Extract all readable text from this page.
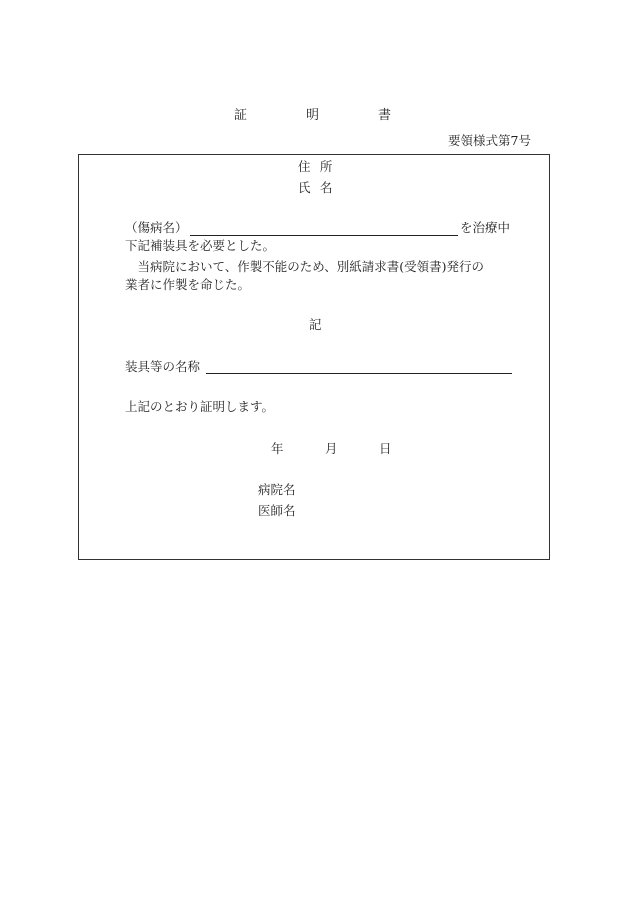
証	明	書
要領様式第7号
住所
氏名
（傷病名）	を治療中
下記補装具を必要とした。
　当病院において、作製不能のため、別紙請求書(受領書)発行の
業者に作製を命じた。
記
装具等の名称
上記のとおり証明します。
年	月	日
病院名
医師名
